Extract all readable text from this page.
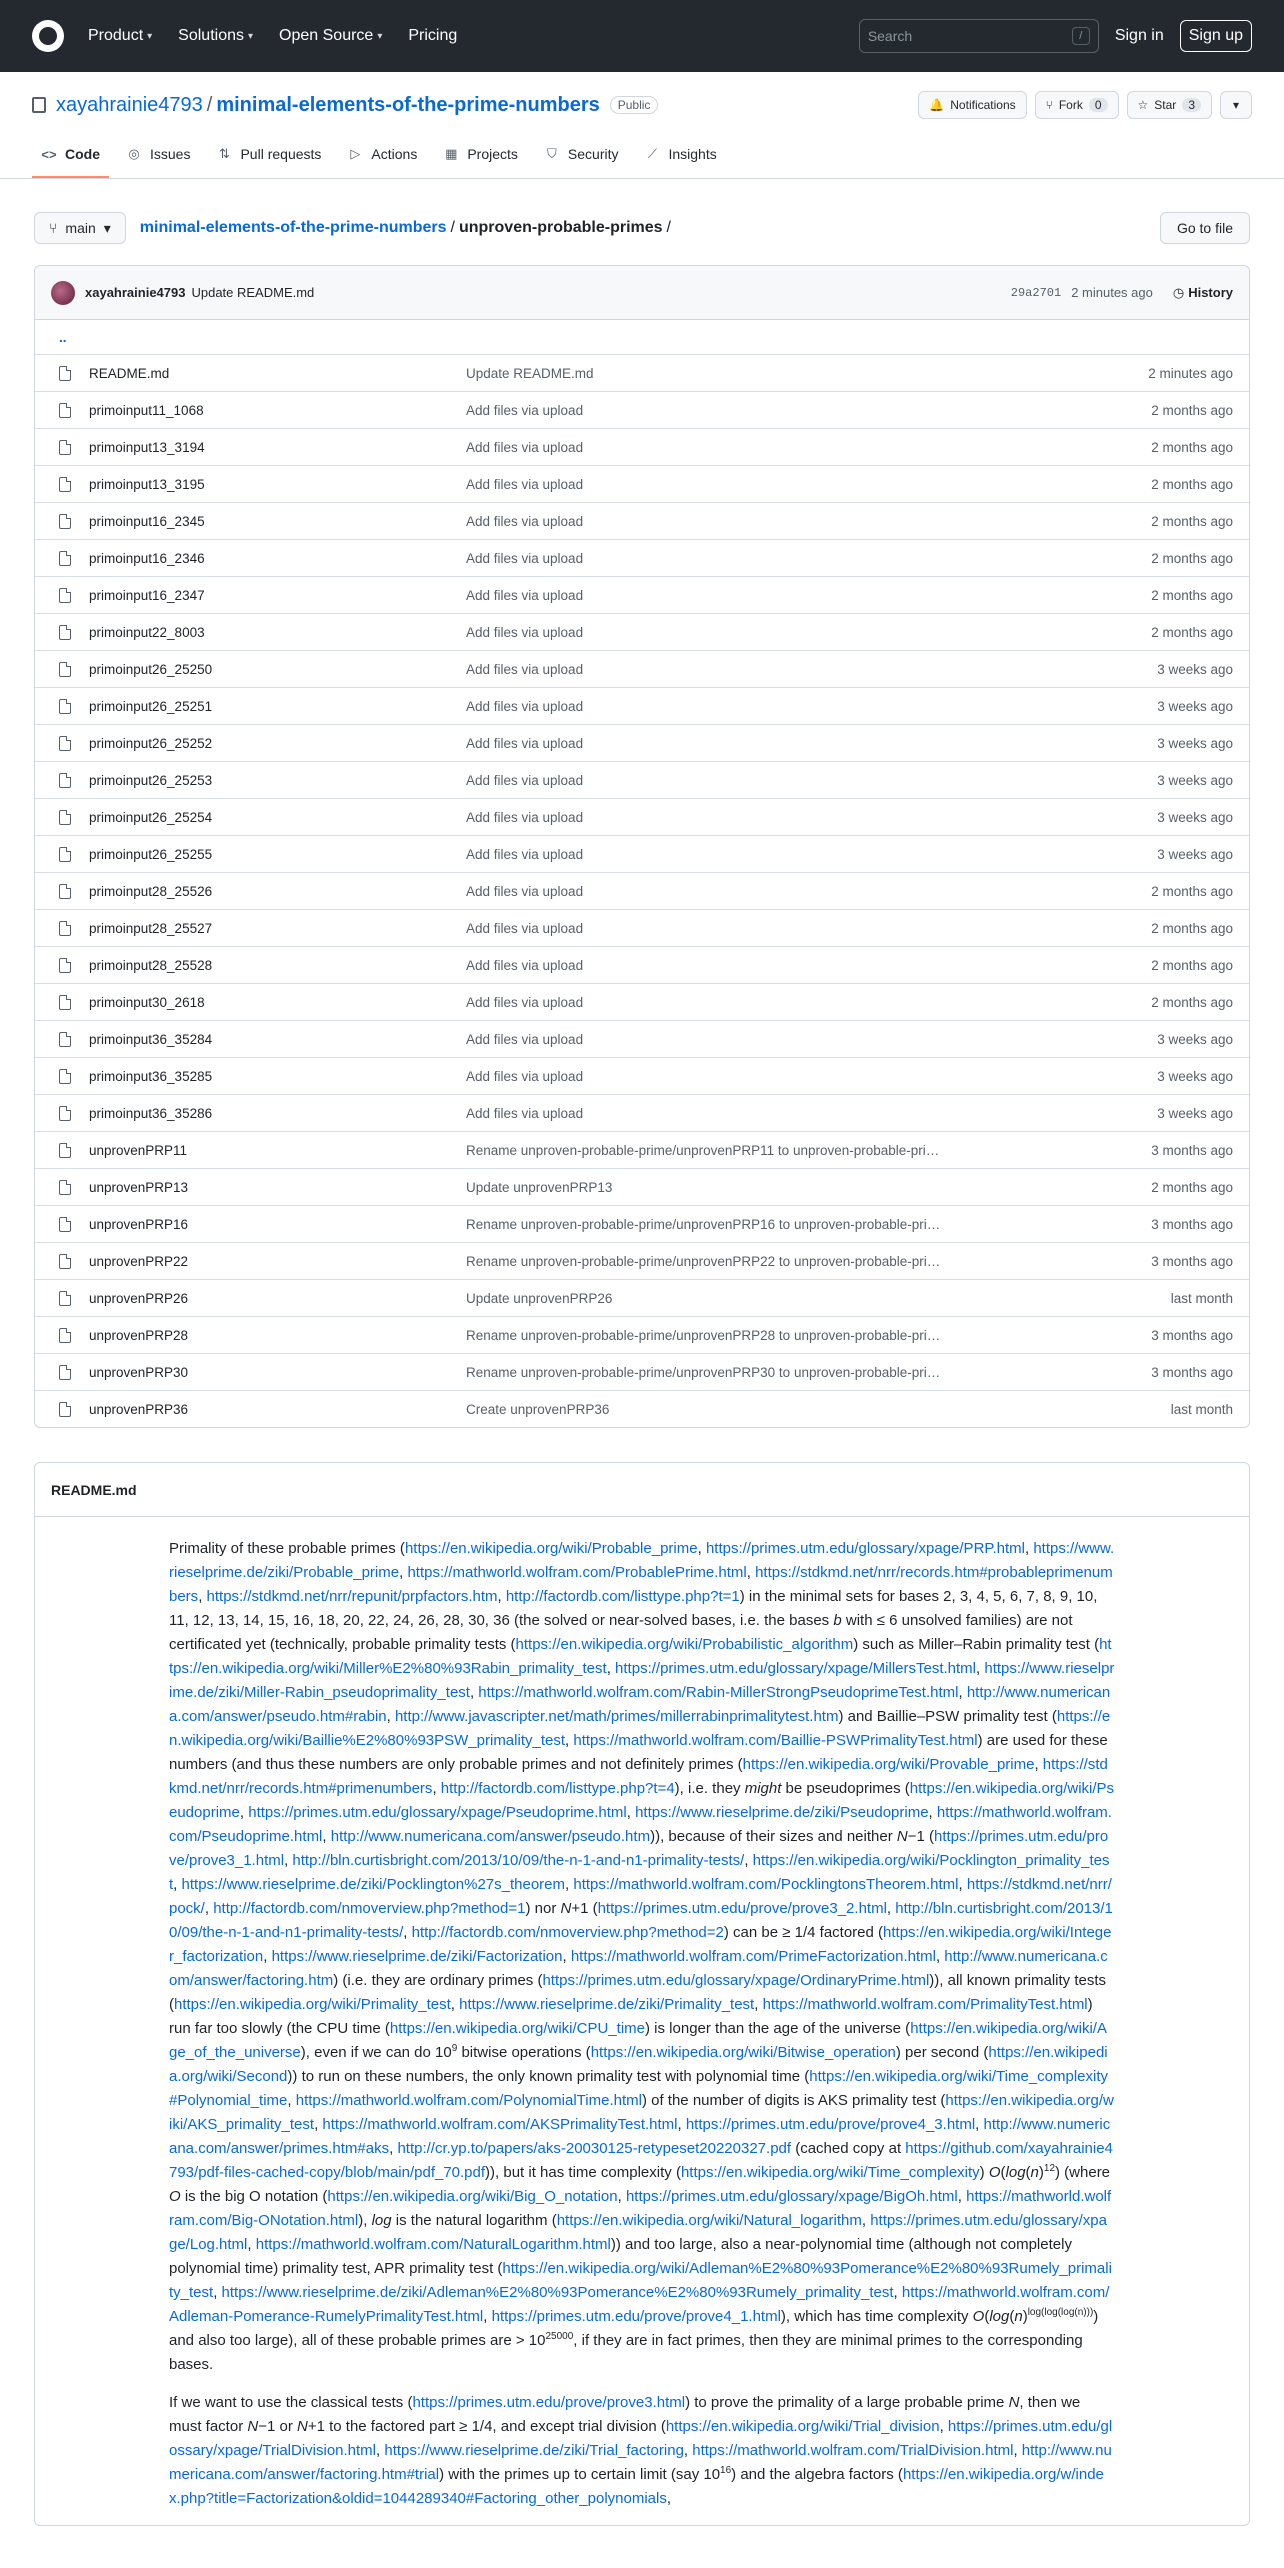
Product ▾ Solutions ▾ Open Source ▾ Pricing	Search	/	Sign in	Sign up
xayahrainie4793 / minimal-elements-of-the-prime-numbers	Public	🔔 Notifications	⑂ Fork	0	☆ Star	3	▾
<> Code ◎ Issues ⇅ Pull requests ▷ Actions ▦ Projects ⛉ Security ⟋ Insights
⑂ main ▾ minimal-elements-of-the-prime-numbers / unproven-probable-primes /	Go to file
xayahrainie4793 Update README.md	29a2701 2 minutes ago ◷ History
..
README.md	Update README.md	2 minutes ago
primoinput11_1068	Add files via upload	2 months ago
primoinput13_3194	Add files via upload	2 months ago
primoinput13_3195	Add files via upload	2 months ago
primoinput16_2345	Add files via upload	2 months ago
primoinput16_2346	Add files via upload	2 months ago
primoinput16_2347	Add files via upload	2 months ago
primoinput22_8003	Add files via upload	2 months ago
primoinput26_25250	Add files via upload	3 weeks ago
primoinput26_25251	Add files via upload	3 weeks ago
primoinput26_25252	Add files via upload	3 weeks ago
primoinput26_25253	Add files via upload	3 weeks ago
primoinput26_25254	Add files via upload	3 weeks ago
primoinput26_25255	Add files via upload	3 weeks ago
primoinput28_25526	Add files via upload	2 months ago
primoinput28_25527	Add files via upload	2 months ago
primoinput28_25528	Add files via upload	2 months ago
primoinput30_2618	Add files via upload	2 months ago
primoinput36_35284	Add files via upload	3 weeks ago
primoinput36_35285	Add files via upload	3 weeks ago
primoinput36_35286	Add files via upload	3 weeks ago
unprovenPRP11	Rename unproven-probable-prime/unprovenPRP11 to unproven-probable-pri…	3 months ago
unprovenPRP13	Update unprovenPRP13	2 months ago
unprovenPRP16	Rename unproven-probable-prime/unprovenPRP16 to unproven-probable-pri…	3 months ago
unprovenPRP22	Rename unproven-probable-prime/unprovenPRP22 to unproven-probable-pri…	3 months ago
unprovenPRP26	Update unprovenPRP26	last month
unprovenPRP28	Rename unproven-probable-prime/unprovenPRP28 to unproven-probable-pri…	3 months ago
unprovenPRP30	Rename unproven-probable-prime/unprovenPRP30 to unproven-probable-pri…	3 months ago
unprovenPRP36	Create unprovenPRP36	last month
README.md

Primality of these probable primes (https://en.wikipedia.org/wiki/Probable_prime, https://primes.utm.edu/glossary/xpage/PRP.html, https://www.rieselprime.de/ziki/Probable_prime, https://mathworld.wolfram.com/ProbablePrime.html, https://stdkmd.net/nrr/records.htm#probableprimenumbers, https://stdkmd.net/nrr/repunit/prpfactors.htm, http://factordb.com/listtype.php?t=1) in the minimal sets for bases 2, 3, 4, 5, 6, 7, 8, 9, 10, 11, 12, 13, 14, 15, 16, 18, 20, 22, 24, 26, 28, 30, 36 (the solved or near-solved bases, i.e. the bases b with ≤ 6 unsolved families) are not certificated yet (technically, probable primality tests (https://en.wikipedia.org/wiki/Probabilistic_algorithm) such as Miller–Rabin primality test (https://en.wikipedia.org/wiki/Miller%E2%80%93Rabin_primality_test, https://primes.utm.edu/glossary/xpage/MillersTest.html, https://www.rieselprime.de/ziki/Miller-Rabin_pseudoprimality_test, https://mathworld.wolfram.com/Rabin-MillerStrongPseudoprimeTest.html, http://www.numericana.com/answer/pseudo.htm#rabin, http://www.javascripter.net/math/primes/millerrabinprimalitytest.htm) and Baillie–PSW primality test (https://en.wikipedia.org/wiki/Baillie%E2%80%93PSW_primality_test, https://mathworld.wolfram.com/Baillie-PSWPrimalityTest.html) are used for these numbers (and thus these numbers are only probable primes and not definitely primes (https://en.wikipedia.org/wiki/Provable_prime, https://stdkmd.net/nrr/records.htm#primenumbers, http://factordb.com/listtype.php?t=4), i.e. they might be pseudoprimes (https://en.wikipedia.org/wiki/Pseudoprime, https://primes.utm.edu/glossary/xpage/Pseudoprime.html, https://www.rieselprime.de/ziki/Pseudoprime, https://mathworld.wolfram.com/Pseudoprime.html, http://www.numericana.com/answer/pseudo.htm)), because of their sizes and neither N−1 (https://primes.utm.edu/prove/prove3_1.html, http://bln.curtisbright.com/2013/10/09/the-n-1-and-n1-primality-tests/, https://en.wikipedia.org/wiki/Pocklington_primality_test, https://www.rieselprime.de/ziki/Pocklington%27s_theorem, https://mathworld.wolfram.com/PocklingtonsTheorem.html, https://stdkmd.net/nrr/pock/, http://factordb.com/nmoverview.php?method=1) nor N+1 (https://primes.utm.edu/prove/prove3_2.html, http://bln.curtisbright.com/2013/10/09/the-n-1-and-n1-primality-tests/, http://factordb.com/nmoverview.php?method=2) can be ≥ 1/4 factored (https://en.wikipedia.org/wiki/Integer_factorization, https://www.rieselprime.de/ziki/Factorization, https://mathworld.wolfram.com/PrimeFactorization.html, http://www.numericana.com/answer/factoring.htm) (i.e. they are ordinary primes (https://primes.utm.edu/glossary/xpage/OrdinaryPrime.html)), all known primality tests (https://en.wikipedia.org/wiki/Primality_test, https://www.rieselprime.de/ziki/Primality_test, https://mathworld.wolfram.com/PrimalityTest.html) run far too slowly (the CPU time (https://en.wikipedia.org/wiki/CPU_time) is longer than the age of the universe (https://en.wikipedia.org/wiki/Age_of_the_universe), even if we can do $10^9$ bitwise operations (https://en.wikipedia.org/wiki/Bitwise_operation) per second (https://en.wikipedia.org/wiki/Second)) to run on these numbers, the only known primality test with polynomial time (https://en.wikipedia.org/wiki/Time_complexity#Polynomial_time, https://mathworld.wolfram.com/PolynomialTime.html) of the number of digits is AKS primality test (https://en.wikipedia.org/wiki/AKS_primality_test, https://mathworld.wolfram.com/AKSPrimalityTest.html, https://primes.utm.edu/prove/prove4_3.html, http://www.numericana.com/answer/primes.htm#aks, http://cr.yp.to/papers/aks-20030125-retypeset20220327.pdf (cached copy at https://github.com/xayahrainie4793/pdf-files-cached-copy/blob/main/pdf_70.pdf)), but it has time complexity (https://en.wikipedia.org/wiki/Time_complexity) $O(\log(n)^{12})$ (where O is the big O notation (https://en.wikipedia.org/wiki/Big_O_notation, https://primes.utm.edu/glossary/xpage/BigOh.html, https://mathworld.wolfram.com/Big-ONotation.html), log is the natural logarithm (https://en.wikipedia.org/wiki/Natural_logarithm, https://primes.utm.edu/glossary/xpage/Log.html, https://mathworld.wolfram.com/NaturalLogarithm.html)) and too large, also a near-polynomial time (although not completely polynomial time) primality test, APR primality test (https://en.wikipedia.org/wiki/Adleman%E2%80%93Pomerance%E2%80%93Rumely_primality_test, https://www.rieselprime.de/ziki/Adleman%E2%80%93Pomerance%E2%80%93Rumely_primality_test, https://mathworld.wolfram.com/Adleman-Pomerance-RumelyPrimalityTest.html, https://primes.utm.edu/prove/prove4_1.html), which has time complexity $O(\log(n)^{log(log(log(n)))})$ and also too large), all of these probable primes are > $10^{25000}$, if they are in fact primes, then they are minimal primes to the corresponding bases.

If we want to use the classical tests (https://primes.utm.edu/prove/prove3.html) to prove the primality of a large probable prime N, then we must factor N−1 or N+1 to the factored part ≥ 1/4, and except trial division (https://en.wikipedia.org/wiki/Trial_division, https://primes.utm.edu/glossary/xpage/TrialDivision.html, https://www.rieselprime.de/ziki/Trial_factoring, https://mathworld.wolfram.com/TrialDivision.html, http://www.numericana.com/answer/factoring.htm#trial) with the primes up to certain limit (say $10^{16}$) and the algebra factors (https://en.wikipedia.org/w/index.php?title=Factorization&oldid=1044289340#Factoring_other_polynomials,
